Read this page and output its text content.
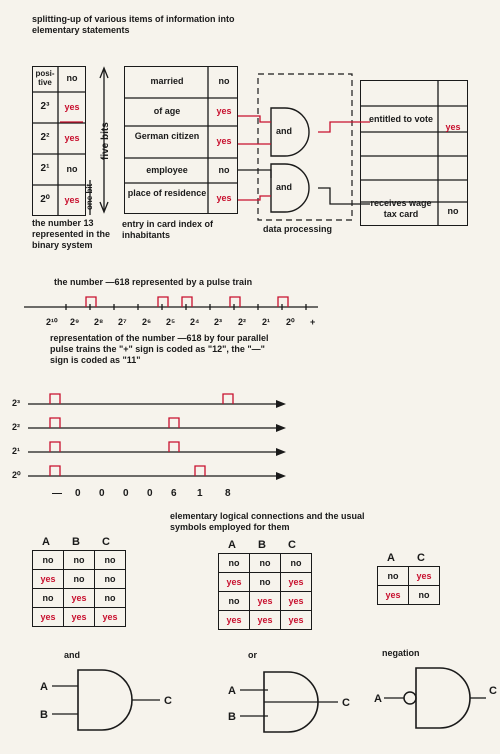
splitting-up of various items of information into elementary statements
entry in card index of inhabitants
data processing
the number —618 represented by a pulse train
representation of the number —618 by four parallel pulse trains the "+" sign is coded as "12", the "—" sign is coded as "11"
elementary logical connections and the usual symbols employed for them
and	or	negation
five bits
one bit
2¹⁰ 2⁹ 2⁸ 2⁷ 2⁶ 2⁵ 2⁴ 2³ 2² 2¹ 2⁰ +
2³
2²
2¹
2⁰
— 0 0 0 0 6 1 8
A
B
C
A
B
C A
C
posi-tive	no
2³	yes
2²	yes
2¹	no
2⁰	yes
the number 13 represented in the binary system
married	no
of age	yes
German citizen	yes
employee	no
place of residence	yes
and
and
entitled to vote
yes
receives wage tax card	no
A B C
no	no	no
yes	no	no
no	yes	no
yes	yes	yes
A B C
no	no	no
yes	no	yes
no	yes	yes
yes	yes	yes
A C
no	yes
yes	no
